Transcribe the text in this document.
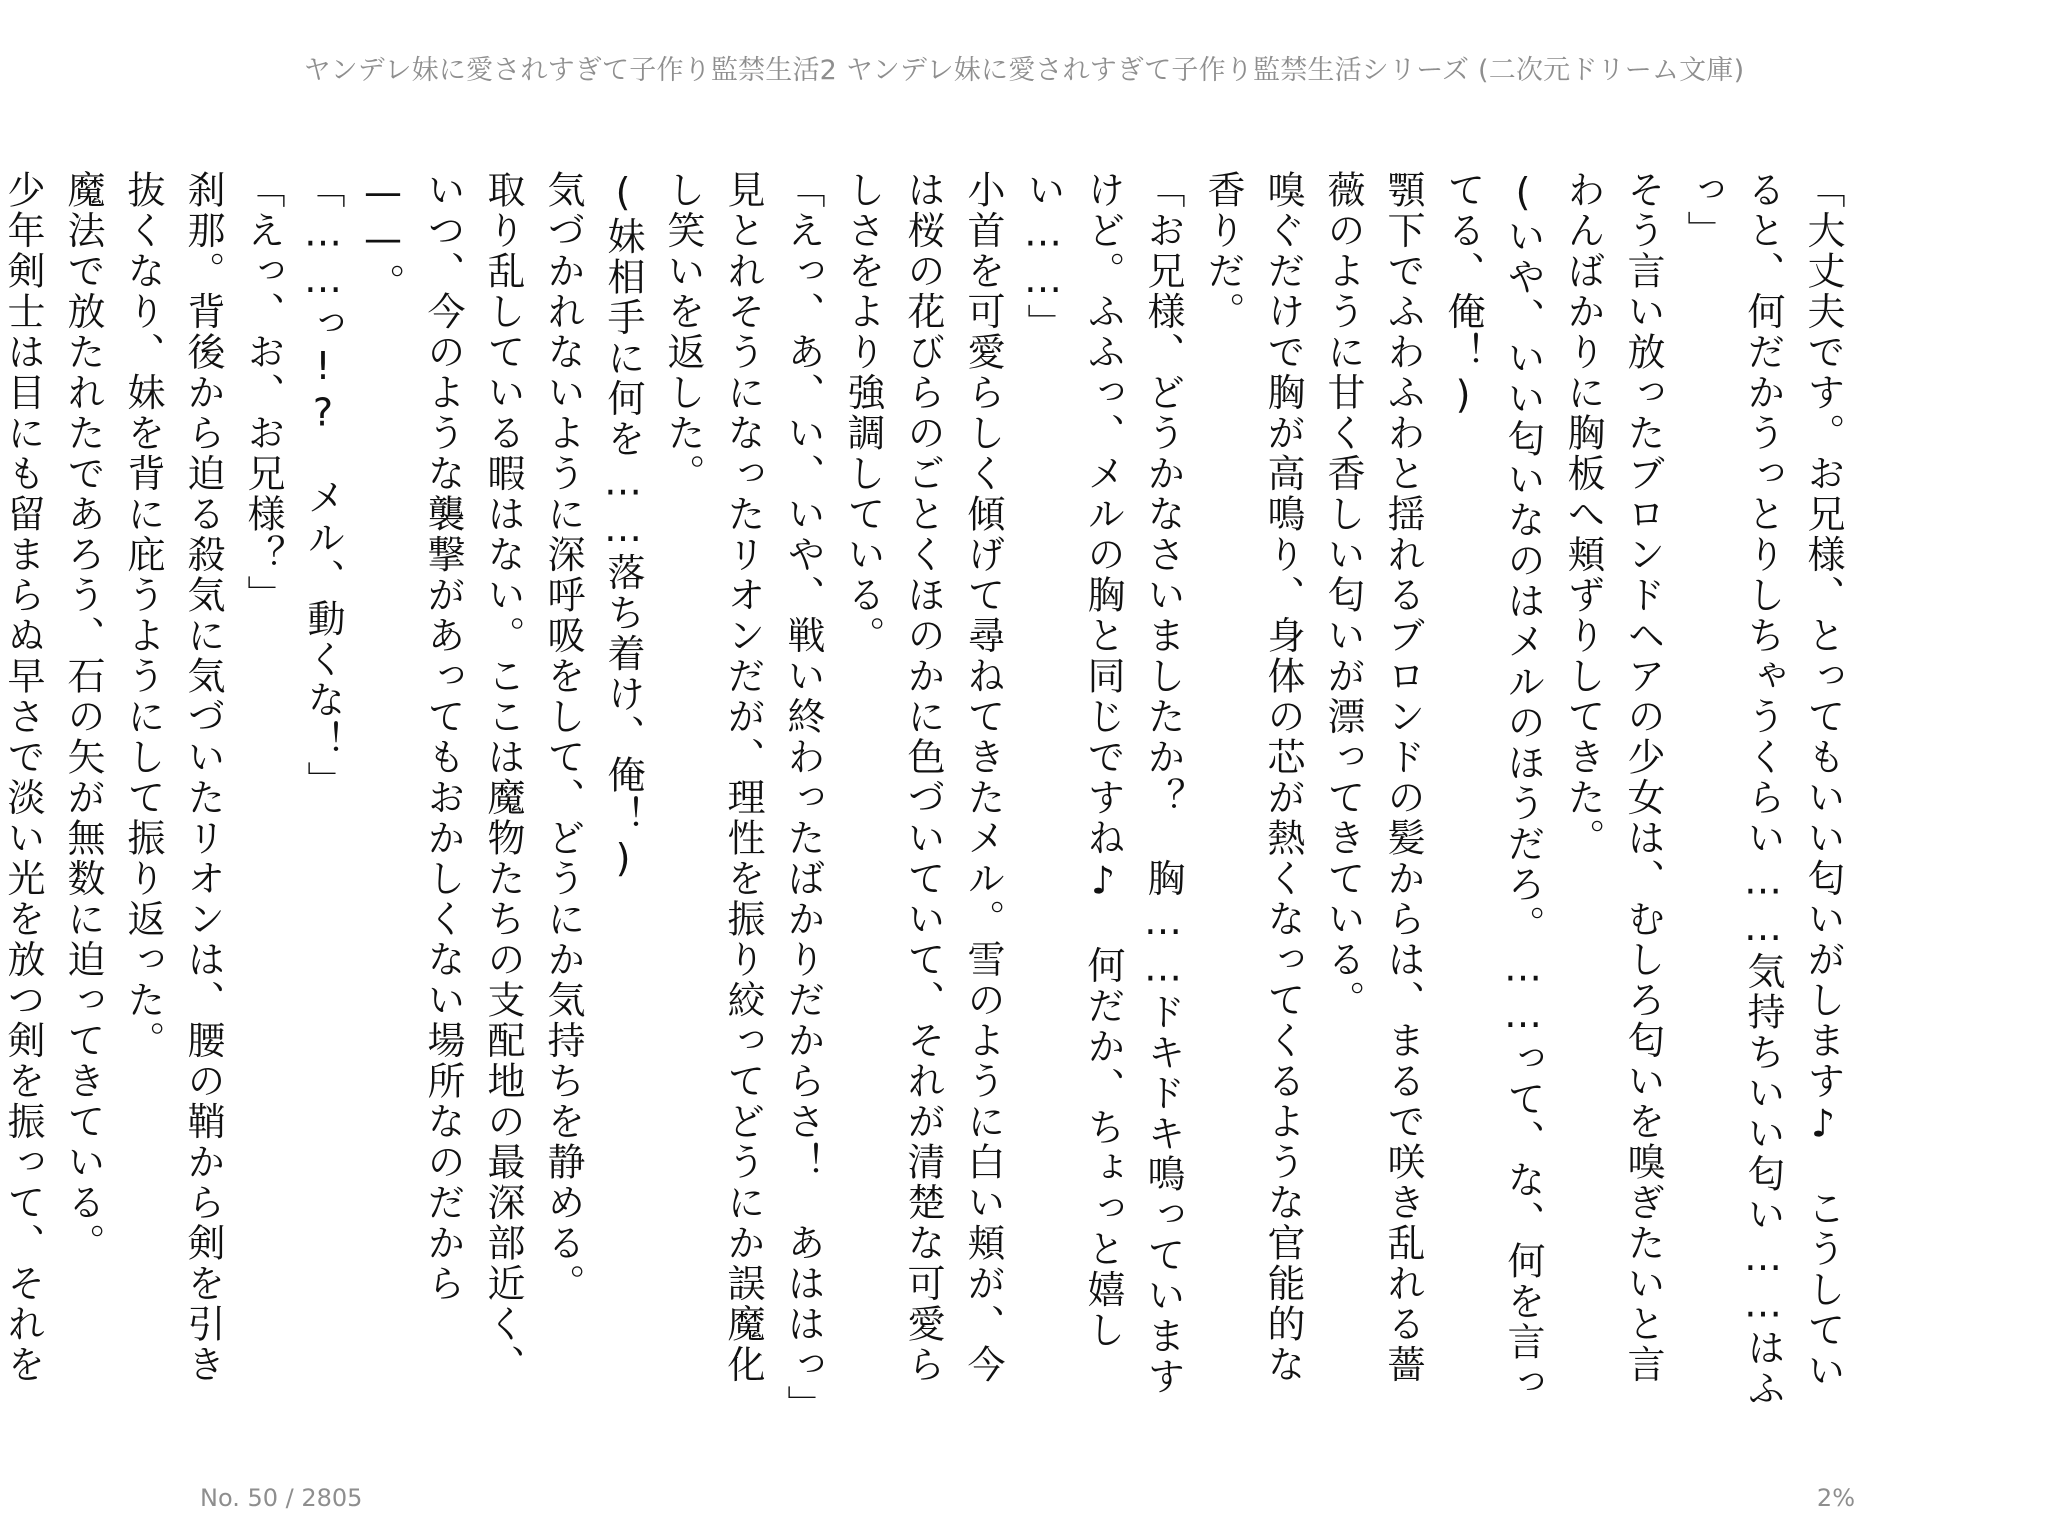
ヤンデレ妹に愛されすぎて子作り監禁生活2 ヤンデレ妹に愛されすぎて子作り監禁生活シリーズ (二次元ドリーム文庫)

「大丈夫です。お兄様、とってもいい匂いがします♪　こうしていると、何だかうっとりしちゃうくらい……気持ちいい匂い……はふっ」

そう言い放ったブロンドヘアの少女は、むしろ匂いを嗅ぎたいと言わんばかりに胸板へ頬ずりしてきた。

(いや、いい匂いなのはメルのほうだろ。……って、な、何を言ってる、俺！)

顎下でふわふわと揺れるブロンドの髪からは、まるで咲き乱れる薔薇のように甘く香しい匂いが漂ってきている。

嗅ぐだけで胸が高鳴り、身体の芯が熱くなってくるような官能的な香りだ。

「お兄様、どうかなさいましたか？　胸……ドキドキ鳴っていますけど。ふふっ、メルの胸と同じですね♪　何だか、ちょっと嬉しい……」

小首を可愛らしく傾げて尋ねてきたメル。雪のように白い頬が、今は桜の花びらのごとくほのかに色づいていて、それが清楚な可愛らしさをより強調している。

「えっ、あ、い、いや、戦い終わったばかりだからさ！　あははっ」

見とれそうになったリオンだが、理性を振り絞ってどうにか誤魔化し笑いを返した。

(妹相手に何を……落ち着け、俺！)

気づかれないように深呼吸をして、どうにか気持ちを静める。

取り乱している暇はない。ここは魔物たちの支配地の最深部近く、いつ、今のような襲撃があってもおかしくない場所なのだから——。

「……っ!?　メル、動くな！」

「えっ、お、お兄様？」

刹那。背後から迫る殺気に気づいたリオンは、腰の鞘から剣を引き抜くなり、妹を背に庇うようにして振り返った。

魔法で放たれたであろう、石の矢が無数に迫ってきている。

少年剣士は目にも留まらぬ早さで淡い光を放つ剣を振って、それを

No. 50 / 2805	2%
